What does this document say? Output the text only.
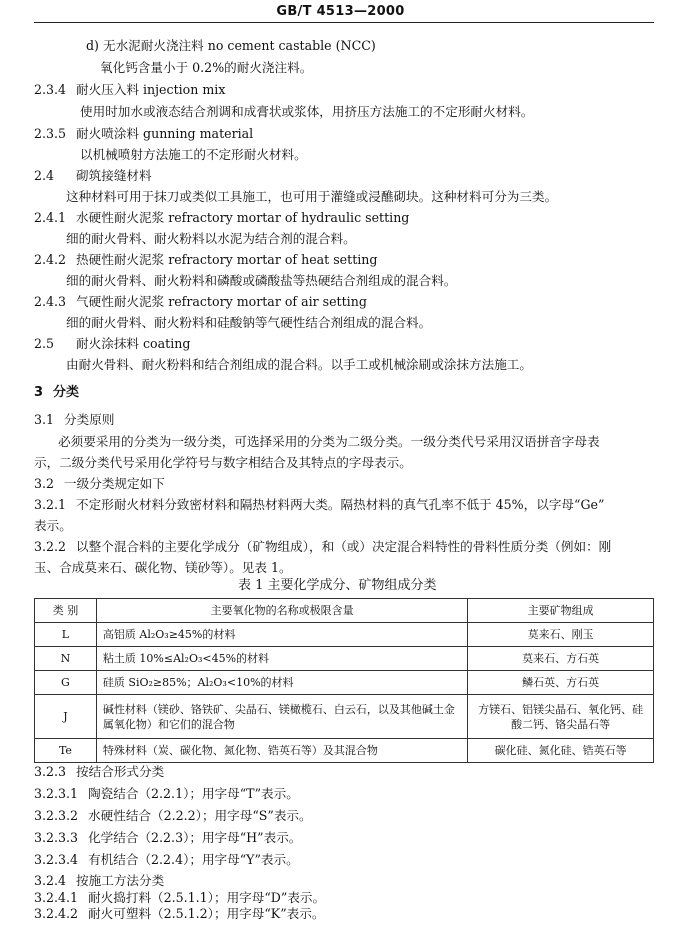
GB/T 4513—2000
d) 无水泥耐火浇注料 no cement castable (NCC)
氧化钙含量小于 0.2%的耐火浇注料。
2.3.4 耐火压入料 injection mix
使用时加水或液态结合剂调和成膏状或浆体，用挤压方法施工的不定形耐火材料。
2.3.5 耐火喷涂料 gunning material
以机械喷射方法施工的不定形耐火材料。
2.4 砌筑接缝材料
这种材料可用于抹刀或类似工具施工，也可用于灌缝或浸醮砌块。这种材料可分为三类。
2.4.1 水硬性耐火泥浆 refractory mortar of hydraulic setting
细的耐火骨料、耐火粉料以水泥为结合剂的混合料。
2.4.2 热硬性耐火泥浆 refractory mortar of heat setting
细的耐火骨料、耐火粉料和磷酸或磷酸盐等热硬结合剂组成的混合料。
2.4.3 气硬性耐火泥浆 refractory mortar of air setting
细的耐火骨料、耐火粉料和硅酸钠等气硬性结合剂组成的混合料。
2.5 耐火涂抹料 coating
由耐火骨料、耐火粉料和结合剂组成的混合料。以手工或机械涂刷或涂抹方法施工。
3 分类
3.1 分类原则
必须要采用的分类为一级分类，可选择采用的分类为二级分类。一级分类代号采用汉语拼音字母表
示，二级分类代号采用化学符号与数字相结合及其特点的字母表示。
3.2 一级分类规定如下
3.2.1 不定形耐火材料分致密材料和隔热材料两大类。隔热材料的真气孔率不低于 45%，以字母“Ge”
表示。
3.2.2 以整个混合料的主要化学成分（矿物组成），和（或）决定混合料特性的骨料性质分类（例如：刚
玉、合成莫来石、碳化物、镁砂等）。见表 1。
表 1 主要化学成分、矿物组成分类
类 别	主要氧化物的名称或极限含量	主要矿物组成
L	高铝质 Al₂O₃≥45%的材料	莫来石、刚玉
N	粘土质 10%≤Al₂O₃<45%的材料	莫来石、方石英
G	硅质 SiO₂≥85%；Al₂O₃<10%的材料	鳞石英、方石英
J	碱性材料（镁砂、铬铁矿、尖晶石、镁橄榄石、白云石，以及其他碱土金属氧化物）和它们的混合物	方镁石、铝镁尖晶石、氧化钙、硅酸二钙、铬尖晶石等
Te	特殊材料（炭、碳化物、氮化物、锆英石等）及其混合物	碳化硅、氮化硅、锆英石等
3.2.3 按结合形式分类
3.2.3.1 陶瓷结合（2.2.1）；用字母“T”表示。
3.2.3.2 水硬性结合（2.2.2）；用字母“S”表示。
3.2.3.3 化学结合（2.2.3）；用字母“H”表示。
3.2.3.4 有机结合（2.2.4）；用字母“Y”表示。
3.2.4 按施工方法分类
3.2.4.1 耐火捣打料（2.5.1.1）；用字母“D”表示。
3.2.4.2 耐火可塑料（2.5.1.2）；用字母“K”表示。
